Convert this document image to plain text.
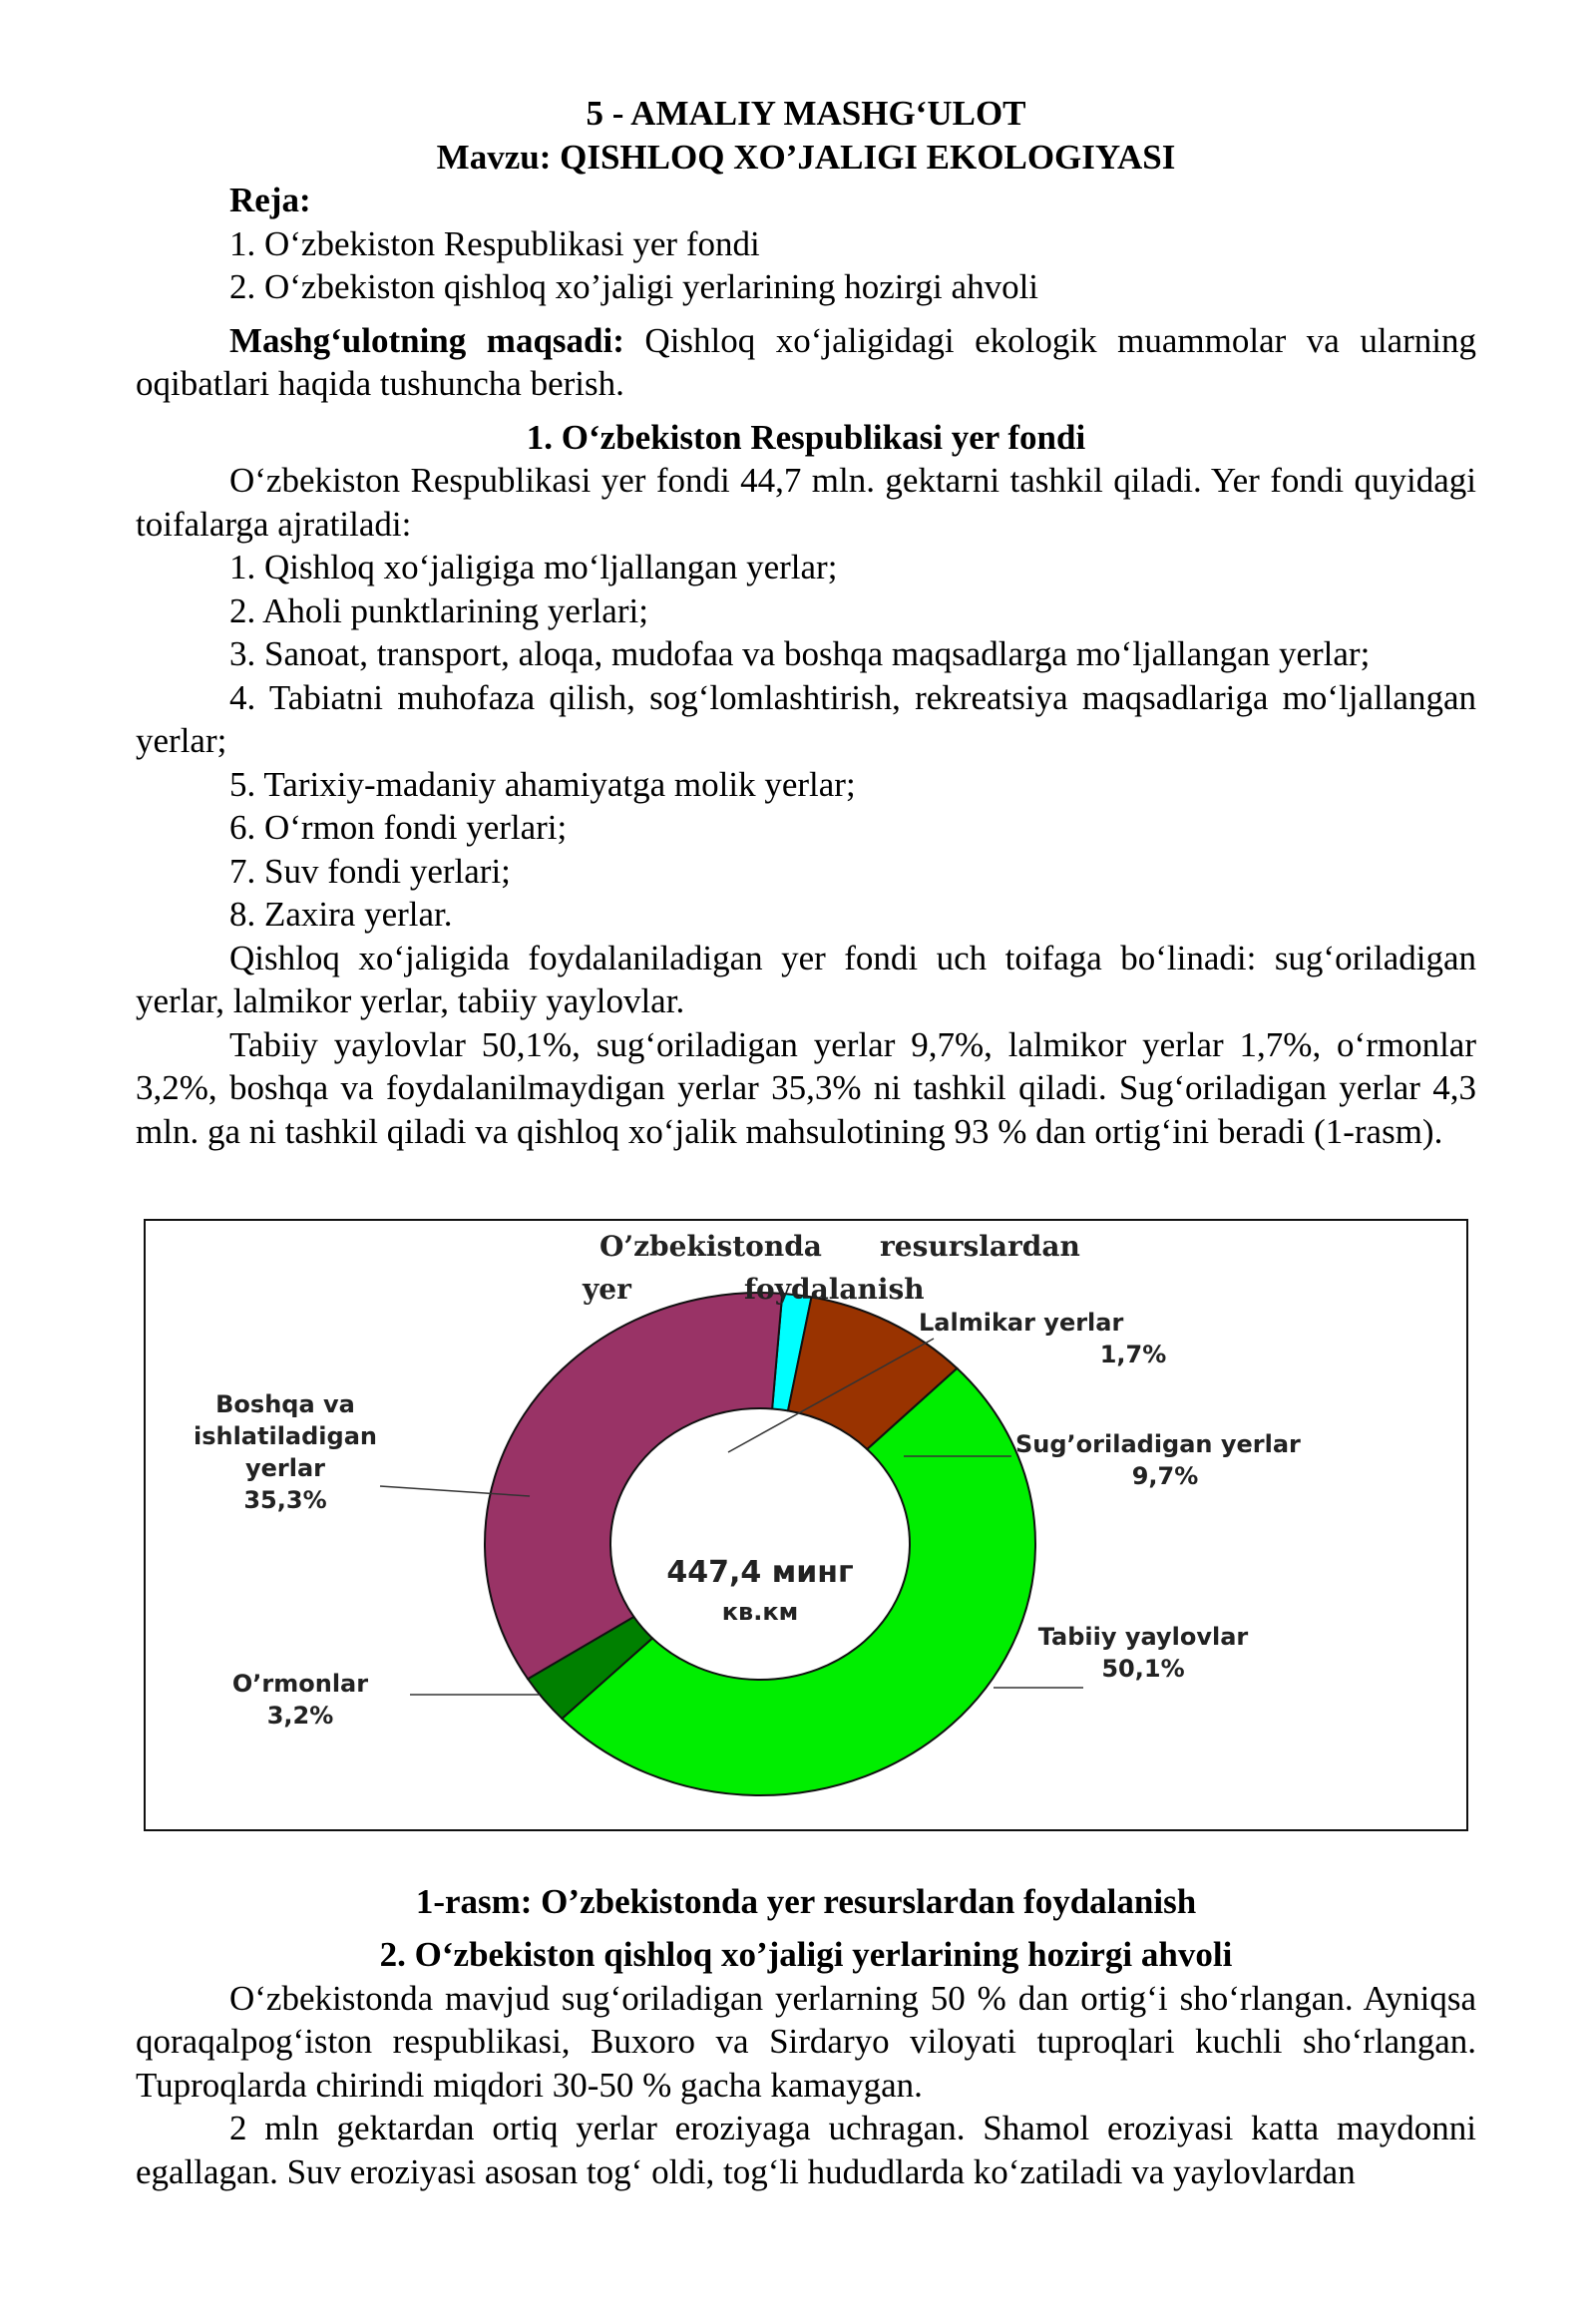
5 - AMALIY MASHG‘ULOT

Mavzu: QISHLOQ XO’JALIGI EKOLOGIYASI

Reja:

1. O‘zbekiston Respublikasi yer fondi

2. O‘zbekiston qishloq xo’jaligi yerlarining hozirgi ahvoli

Mashg‘ulotning maqsadi: Qishloq xo‘jaligidagi ekologik muammolar va ularning oqibatlari haqida tushuncha berish.

1. O‘zbekiston Respublikasi yer fondi

O‘zbekiston Respublikasi yer fondi 44,7 mln. gektarni tashkil qiladi. Yer fondi quyidagi toifalarga ajratiladi:

1. Qishloq xo‘jaligiga mo‘ljallangan yerlar;

2. Aholi punktlarining yerlari;

3. Sanoat, transport, aloqa, mudofaa va boshqa maqsadlarga mo‘ljallangan yerlar;

4. Tabiatni muhofaza qilish, sog‘lomlashtirish, rekreatsiya maqsadlariga mo‘ljallangan yerlar;

5. Tarixiy-madaniy ahamiyatga molik yerlar;

6. O‘rmon fondi yerlari;

7. Suv fondi yerlari;

8. Zaxira yerlar.

Qishloq xo‘jaligida foydalaniladigan yer fondi uch toifaga bo‘linadi: sug‘oriladigan yerlar, lalmikor yerlar, tabiiy yaylovlar.

Tabiiy yaylovlar 50,1%, sug‘oriladigan yerlar 9,7%, lalmikor yerlar 1,7%, o‘rmonlar 3,2%, boshqa va foydalanilmaydigan yerlar 35,3% ni tashkil qiladi. Sug‘oriladigan yerlar 4,3 mln. ga ni tashkil qiladi va qishloq xo‘jalik mahsulotining 93 % dan ortig‘ini beradi (1-rasm).

O’zbekistonda resurslardan
yer	foydalanish
447,4 минг
кв.км
Lalmikar yerlar
1,7%
Sug’oriladigan yerlar
9,7%
Tabiiy yaylovlar
50,1%
O’rmonlar
3,2%
Boshqa va
ishlatiladigan
yerlar
35,3%

1-rasm: O’zbekistonda yer resurslardan foydalanish

2. O‘zbekiston qishloq xo’jaligi yerlarining hozirgi ahvoli

O‘zbekistonda mavjud sug‘oriladigan yerlarning 50 % dan ortig‘i sho‘rlangan. Ayniqsa qoraqalpog‘iston respublikasi, Buxoro va Sirdaryo viloyati tuproqlari kuchli sho‘rlangan. Tuproqlarda chirindi miqdori 30-50 % gacha kamaygan.

2 mln gektardan ortiq yerlar eroziyaga uchragan. Shamol eroziyasi katta maydonni egallagan. Suv eroziyasi asosan tog‘ oldi, tog‘li hududlarda ko‘zatiladi va yaylovlardan
